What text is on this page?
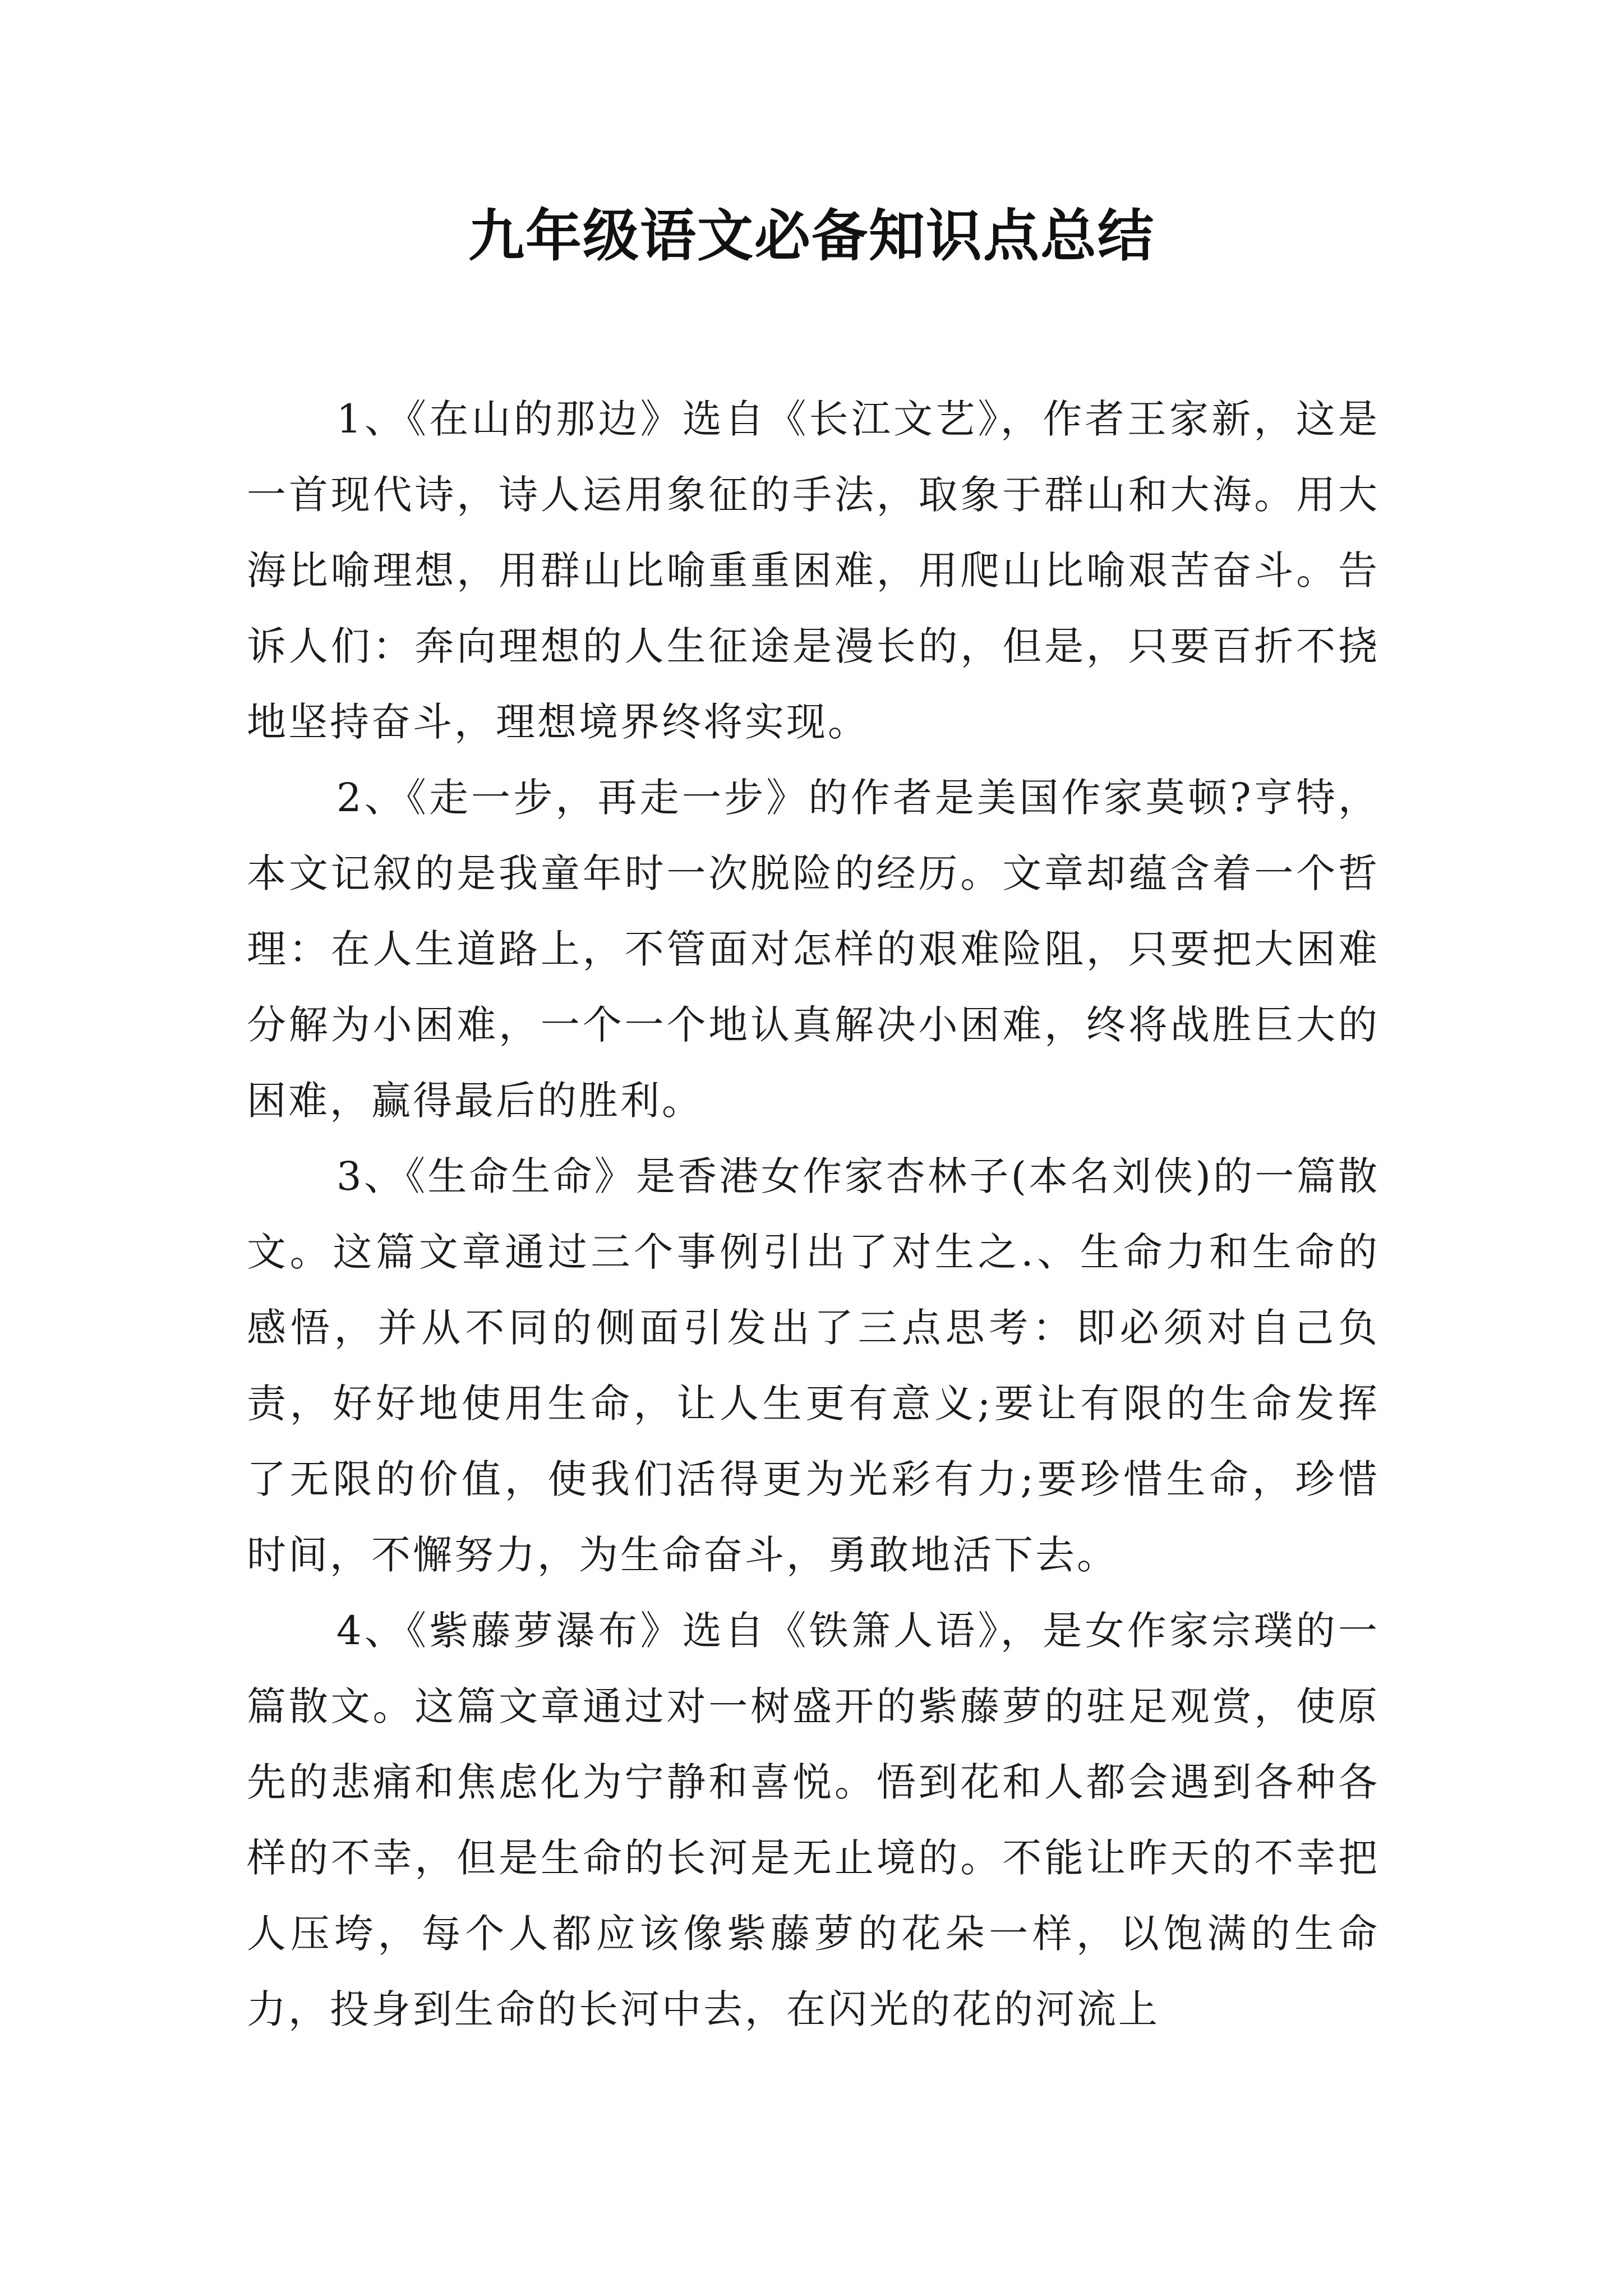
九年级语文必备知识点总结

1、《在山的那边》选自《长江文艺》，作者王家新，这是一首现代诗，诗人运用象征的手法，取象于群山和大海。用大海比喻理想，用群山比喻重重困难，用爬山比喻艰苦奋斗。告诉人们：奔向理想的人生征途是漫长的，但是，只要百折不挠地坚持奋斗，理想境界终将实现。

2、《走一步，再走一步》的作者是美国作家莫顿?亨特，本文记叙的是我童年时一次脱险的经历。文章却蕴含着一个哲理：在人生道路上，不管面对怎样的艰难险阻，只要把大困难分解为小困难，一个一个地认真解决小困难，终将战胜巨大的困难，赢得最后的胜利。

3、《生命生命》是香港女作家杏林子(本名刘侠)的一篇散文。这篇文章通过三个事例引出了对生之.、生命力和生命的感悟，并从不同的侧面引发出了三点思考：即必须对自己负责，好好地使用生命，让人生更有意义;要让有限的生命发挥了无限的价值，使我们活得更为光彩有力;要珍惜生命，珍惜时间，不懈努力，为生命奋斗，勇敢地活下去。

4、《紫藤萝瀑布》选自《铁箫人语》，是女作家宗璞的一篇散文。这篇文章通过对一树盛开的紫藤萝的驻足观赏，使原先的悲痛和焦虑化为宁静和喜悦。悟到花和人都会遇到各种各样的不幸，但是生命的长河是无止境的。不能让昨天的不幸把人压垮，每个人都应该像紫藤萝的花朵一样，以饱满的生命力，投身到生命的长河中去，在闪光的花的河流上
